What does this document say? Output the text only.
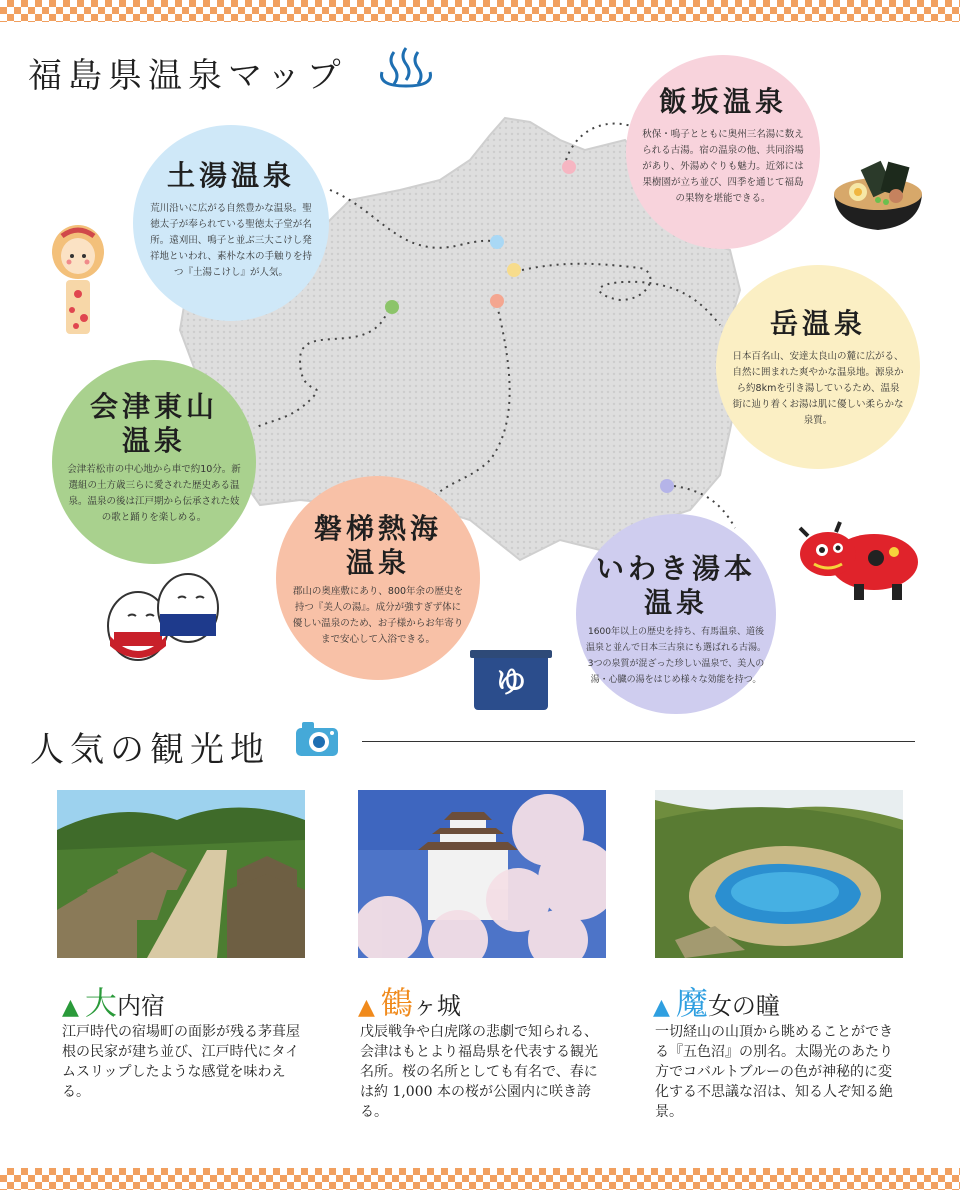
福島県温泉マップ
土湯温泉
荒川沿いに広がる自然豊かな温泉。聖徳太子が奉られている聖徳太子堂が名所。遠刈田、鳴子と並ぶ三大こけし発祥地といわれ、素朴な木の手触りを持つ『土湯こけし』が人気。
飯坂温泉
秋保・鳴子とともに奥州三名湯に数えられる古湯。宿の温泉の他、共同浴場があり、外湯めぐりも魅力。近郊には果樹園が立ち並び、四季を通じて福島の果物を堪能できる。
岳温泉
日本百名山、安達太良山の麓に広がる、自然に囲まれた爽やかな温泉地。源泉から約8kmを引き湯しているため、温泉街に辿り着くお湯は肌に優しい柔らかな泉質。
会津東山
温泉
会津若松市の中心地から車で約10分。新選組の土方歳三らに愛された歴史ある温泉。温泉の後は江戸期から伝承された妓の歌と踊りを楽しめる。	磐梯熱海
温泉
郡山の奥座敷にあり、800年余の歴史を持つ『美人の湯』。成分が強すぎず体に優しい温泉のため、お子様からお年寄りまで安心して入浴できる。
いわき湯本
温泉
1600年以上の歴史を持ち、有馬温泉、道後温泉と並んで日本三古泉にも選ばれる古湯。3つの泉質が混ざった珍しい温泉で、美人の湯・心臓の湯をはじめ様々な効能を持つ。
ゆ
人気の観光地
▲ 大内宿	▲ 鶴ヶ城	▲ 魔女の瞳
江戸時代の宿場町の面影が残る茅葺屋根の民家が建ち並び、江戸時代にタイムスリップしたような感覚を味わえる。
戊辰戦争や白虎隊の悲劇で知られる、会津はもとより福島県を代表する観光名所。桜の名所としても有名で、春には約 1,000 本の桜が公園内に咲き誇る。
一切経山の山頂から眺めることができる『五色沼』の別名。太陽光のあたり方でコバルトブルーの色が神秘的に変化する不思議な沼は、知る人ぞ知る絶景。
